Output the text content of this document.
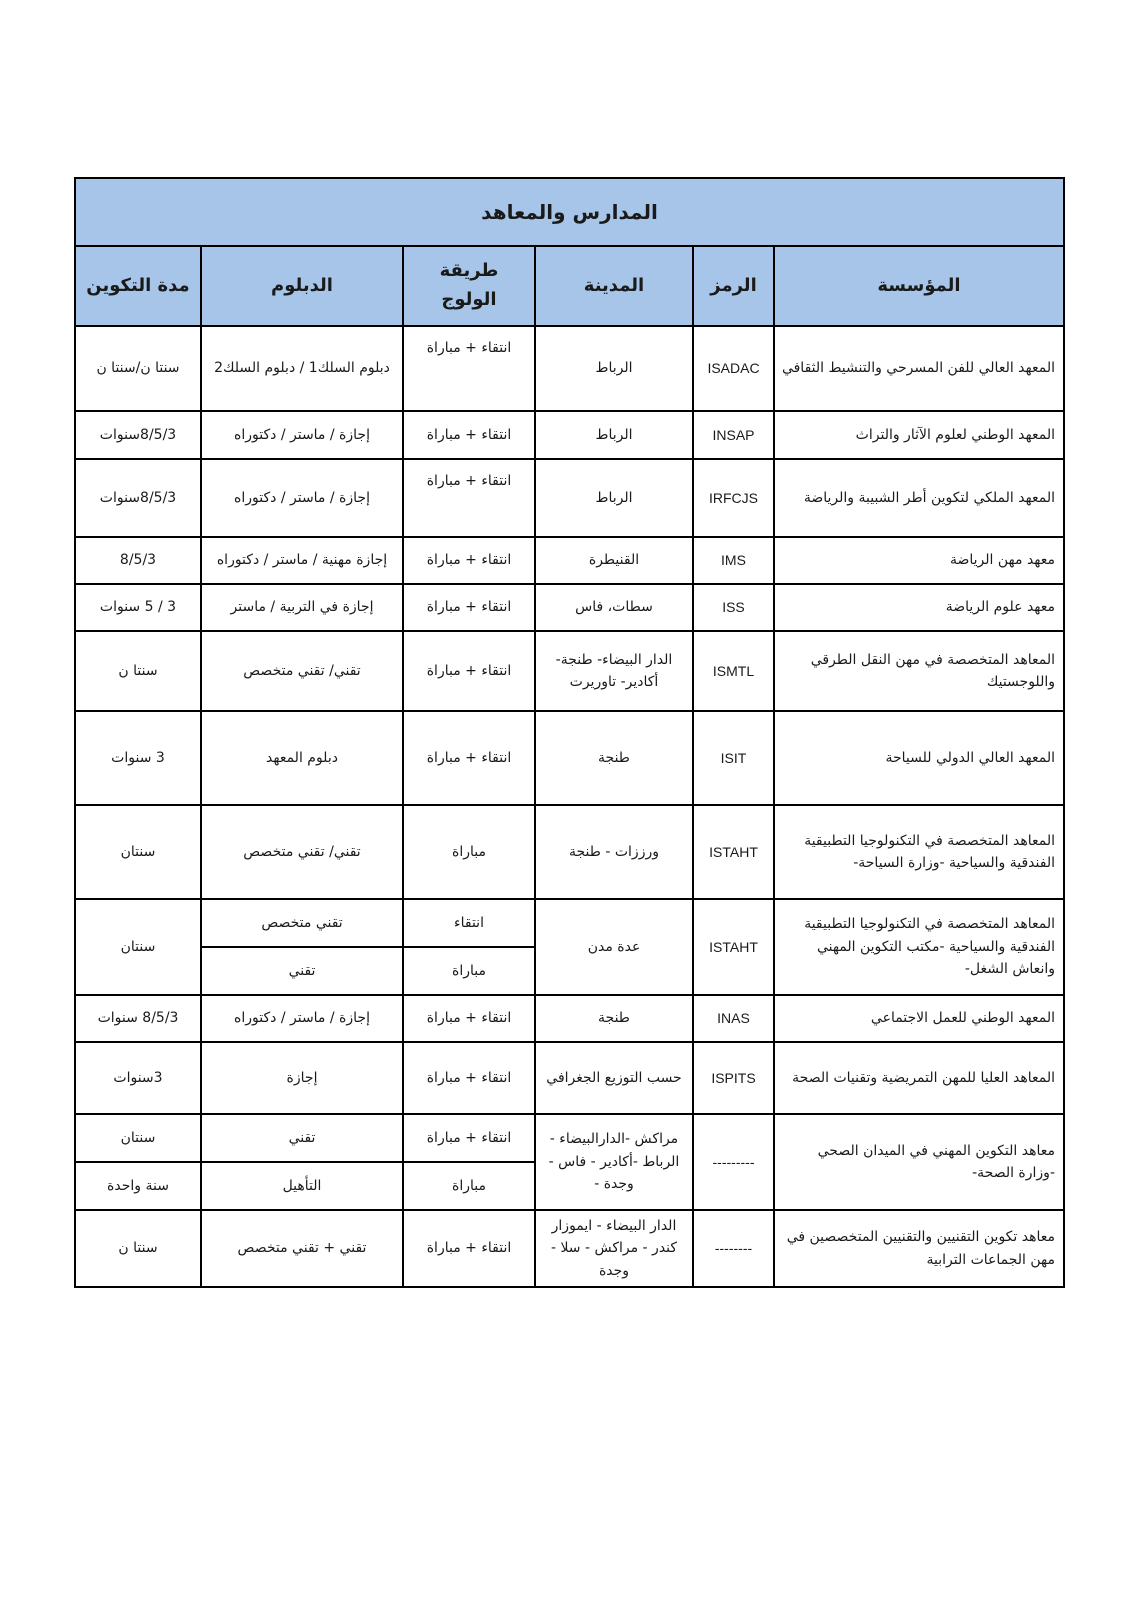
المدارس والمعاهد					
المؤسسة	الرمز	المدينة	طريقة الولوج	الدبلوم	مدة التكوين
المعهد العالي للفن المسرحي والتنشيط الثقافي	ISADAC	الرباط	انتقاء + مباراة	دبلوم السلك1 / دبلوم السلك2	سنتا ن/سنتا ن
المعهد الوطني لعلوم الآثار والتراث	INSAP	الرباط	انتقاء + مباراة	إجازة / ماستر / دكتوراه	8/5/3سنوات
المعهد الملكي لتكوين أطر الشبيبة والرياضة	IRFCJS	الرباط	انتقاء + مباراة	إجازة / ماستر / دكتوراه	8/5/3سنوات
معهد مهن الرياضة	IMS	القنيطرة	انتقاء + مباراة	إجازة مهنية / ماستر / دكتوراه	8/5/3
معهد علوم الرياضة	ISS	سطات، فاس	انتقاء + مباراة	إجازة في التربية / ماستر	3 / 5 سنوات
المعاهد المتخصصة في مهن النقل الطرقي واللوجستيك	ISMTL	الدار البيضاء- طنجة- أكادير- تاوريرت	انتقاء + مباراة	تقني/ تقني متخصص	سنتا ن
المعهد العالي الدولي للسياحة	ISIT	طنجة	انتقاء + مباراة	دبلوم المعهد	3 سنوات
المعاهد المتخصصة في التكنولوجيا التطبيقية الفندقية والسياحية -وزارة السياحة-	ISTAHT	ورززات - طنجة	مباراة	تقني/ تقني متخصص	سنتان
المعاهد المتخصصة في التكنولوجيا التطبيقية الفندقية والسياحية -مكتب التكوين المهني وانعاش الشغل-	ISTAHT	عدة مدن	انتقاء	تقني متخصص	سنتان
			مباراة	تقني	
المعهد الوطني للعمل الاجتماعي	INAS	طنجة	انتقاء + مباراة	إجازة / ماستر / دكتوراه	8/5/3 سنوات
المعاهد العليا للمهن التمريضية وتقنيات الصحة	ISPITS	حسب التوزيع الجغرافي	انتقاء + مباراة	إجازة	3سنوات
معاهد التكوين المهني في الميدان الصحي -وزارة الصحة-	---------	مراكش -الدارالبيضاء - الرباط -أكادير - فاس - وجدة -	انتقاء + مباراة	تقني	سنتان
			مباراة	التأهيل	سنة واحدة
معاهد تكوين التقنيين والتقنيين المتخصصين في مهن الجماعات الترابية	--------	الدار البيضاء - ايموزار كندر - مراكش - سلا - وجدة	انتقاء + مباراة	تقني + تقني متخصص	سنتا ن
